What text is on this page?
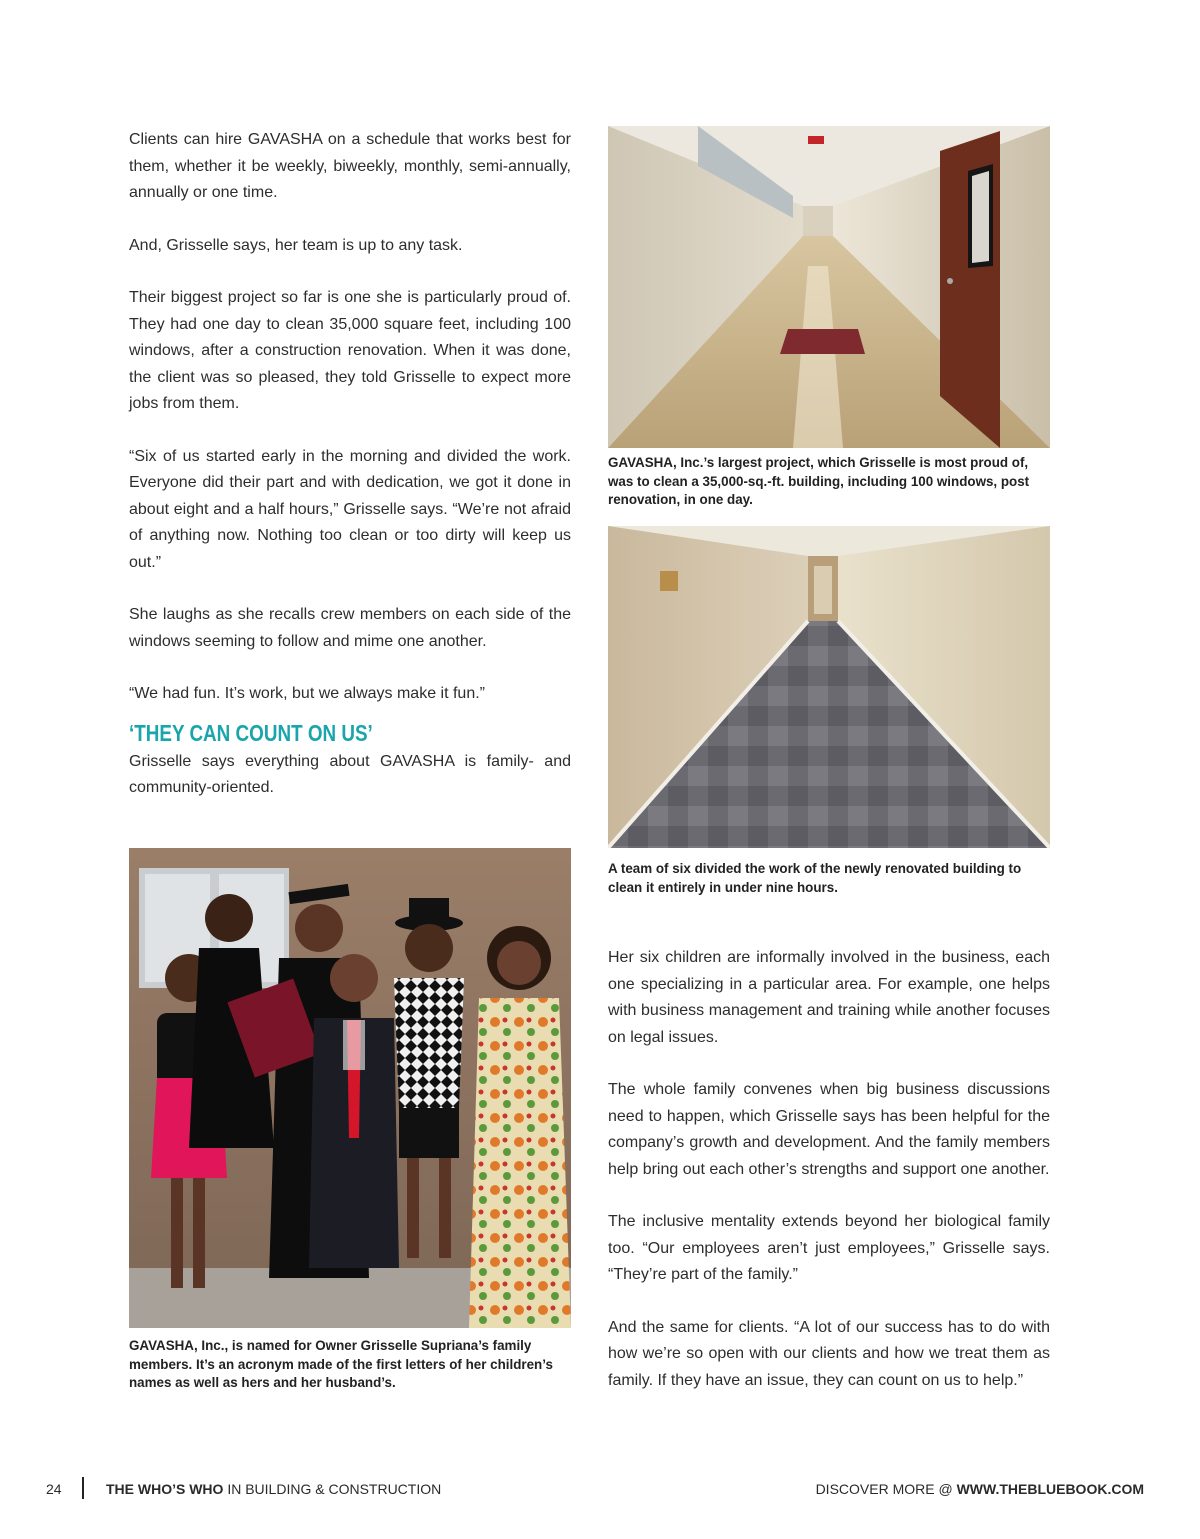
Clients can hire GAVASHA on a schedule that works best for them, whether it be weekly, biweekly, monthly, semi-annually, annually or one time.

And, Grisselle says, her team is up to any task.

Their biggest project so far is one she is particularly proud of. They had one day to clean 35,000 square feet, including 100 windows, after a construction renovation. When it was done, the client was so pleased, they told Grisselle to expect more jobs from them.

“Six of us started early in the morning and divided the work. Everyone did their part and with dedication, we got it done in about eight and a half hours,” Grisselle says. “We’re not afraid of anything now. Nothing too clean or too dirty will keep us out.”

She laughs as she recalls crew members on each side of the windows seeming to follow and mime one another.

“We had fun. It’s work, but we always make it fun.”

‘THEY CAN COUNT ON US’

Grisselle says everything about GAVASHA is family- and community-oriented.

GAVASHA, Inc., is named for Owner Grisselle Supriana’s family members. It’s an acronym made of the first letters of her children’s names as well as hers and her husband’s.

GAVASHA, Inc.’s largest project, which Grisselle is most proud of, was to clean a 35,000-sq.-ft. building, including 100 windows, post renovation, in one day.

A team of six divided the work of the newly renovated building to clean it entirely in under nine hours.

Her six children are informally involved in the business, each one specializing in a particular area. For example, one helps with business management and training while another focuses on legal issues.

The whole family convenes when big business discussions need to happen, which Grisselle says has been helpful for the company’s growth and development. And the family members help bring out each other’s strengths and support one another.

The inclusive mentality extends beyond her biological family too. “Our employees aren’t just employees,” Grisselle says. “They’re part of the family.”

And the same for clients. “A lot of our success has to do with how we’re so open with our clients and how we treat them as family. If they have an issue, they can count on us to help.”

24	THE WHO’S WHO IN BUILDING & CONSTRUCTION	DISCOVER MORE @ WWW.THEBLUEBOOK.COM
